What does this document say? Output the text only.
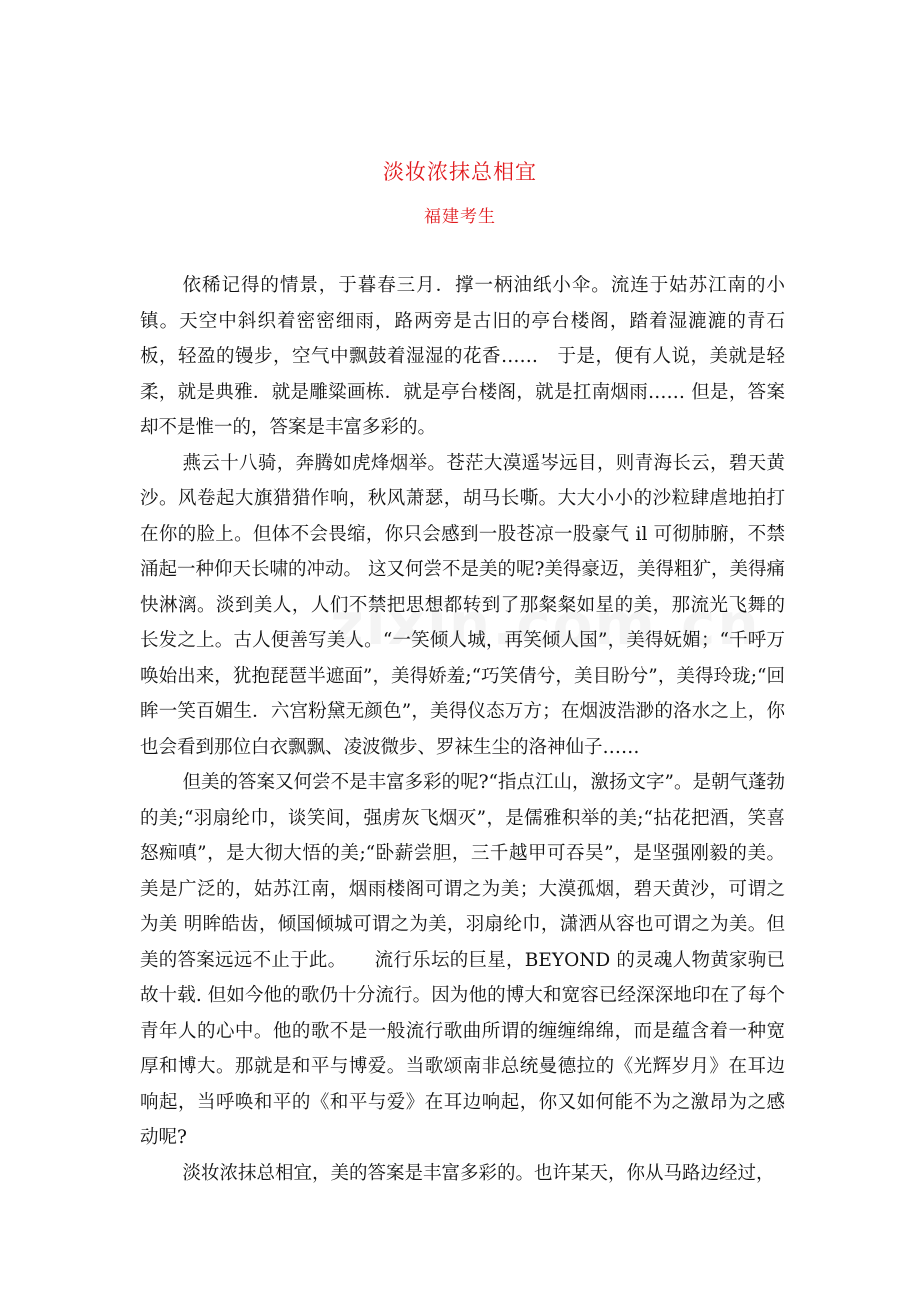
淡妆浓抹总相宜
福建考生

依稀记得的情景，于暮春三月．撑一柄油纸小伞。流连于姑苏江南的小镇。天空中斜织着密密细雨，路两旁是古旧的亭台楼阁，踏着湿漉漉的青石板，轻盈的镘步，空气中飘鼓着湿湿的花香……　于是，便有人说，美就是轻柔，就是典雅．就是雕粱画栋．就是亭台楼阁，就是扛南烟雨…… 但是，答案却不是惟一的，答案是丰富多彩的。

燕云十八骑，奔腾如虎烽烟举。苍茫大漠遥岑远目，则青海长云，碧天黄沙。风卷起大旗猎猎作响，秋风萧瑟，胡马长嘶。大大小小的沙粒肆虐地拍打在你的脸上。但体不会畏缩，你只会感到一股苍凉一股豪气 il 可彻肺腑，不禁涌起一种仰天长啸的冲动。 这又何尝不是美的呢?美得豪迈，美得粗犷，美得痛快淋漓。淡到美人，人们不禁把思想都转到了那粲粲如星的美，那流光飞舞的长发之上。古人便善写美人。“一笑倾人城，再笑倾人国”，美得妩媚；“千呼万唤始出来，犹抱琵琶半遮面”，美得娇羞;“巧笑倩兮，美目盼兮”，美得玲珑;“回眸一笑百媚生．六宫粉黛无颜色”，美得仪态万方；在烟波浩渺的洛水之上，你也会看到那位白衣飘飘、凌波微步、罗袜生尘的洛神仙子……

但美的答案又何尝不是丰富多彩的呢?“指点江山，激扬文字”。是朝气蓬勃的美;“羽扇纶巾，谈笑间，强虏灰飞烟灭”，是儒雅积举的美;“拈花把酒，笑喜怒痴嗔”，是大彻大悟的美;“卧薪尝胆，三千越甲可吞吴”，是坚强刚毅的美。 美是广泛的，姑苏江南，烟雨楼阁可谓之为美；大漠孤烟，碧天黄沙，可谓之为美 明眸皓齿，倾国倾城可谓之为美，羽扇纶巾，潇洒从容也可谓之为美。但美的答案远远不止于此。　　流行乐坛的巨星，BEYOND 的灵魂人物黄家驹已故十载. 但如今他的歌仍十分流行。因为他的博大和宽容已经深深地印在了每个青年人的心中。他的歌不是一般流行歌曲所谓的缠缠绵绵，而是蕴含着一种宽厚和博大。那就是和平与博爱。当歌颂南非总统曼德拉的《光辉岁月》在耳边响起，当呼唤和平的《和平与爱》在耳边响起，你又如何能不为之激昂为之感动呢?

淡妆浓抹总相宜，美的答案是丰富多彩的。也许某天，你从马路边经过，
